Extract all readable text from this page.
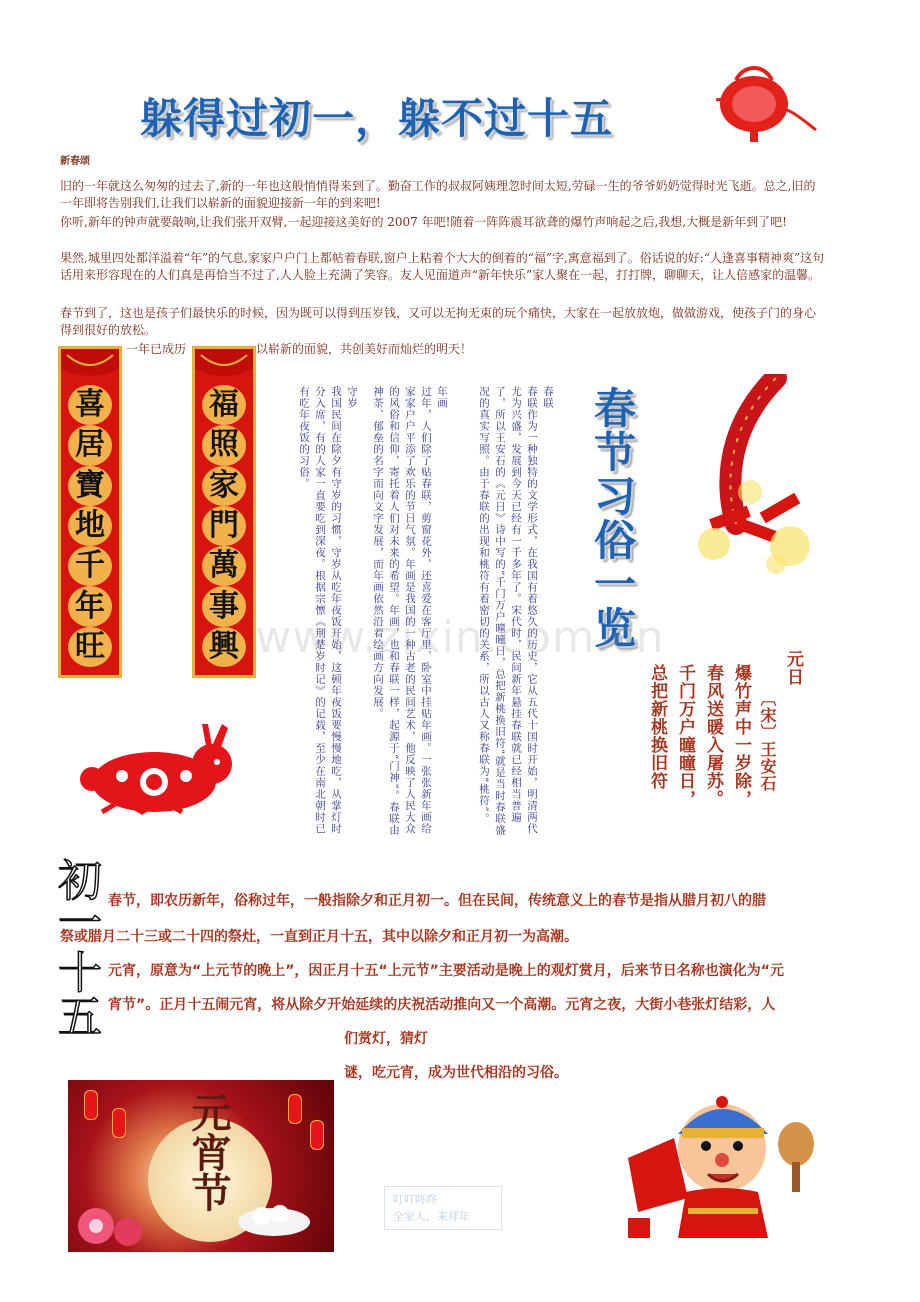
躲得过初一，躲不过十五
新春颂
旧的一年就这么匆匆的过去了,新的一年也这般悄悄得来到了。勤奋工作的叔叔阿姨理忽时间太短,劳碌一生的爷爷奶奶觉得时光飞逝。总之,旧的一年即将告别我们,让我们以崭新的面貌迎接新一年的到来吧!
你听,新年的钟声就要敲响,让我们张开双臂,一起迎接这美好的 2007 年吧!随着一阵阵震耳欲聋的爆竹声响起之后,我想,大概是新年到了吧!
果然,城里四处都洋溢着“年”的气息,家家户户门上都帖着春联,窗户上粘着个大大的倒着的“福”字,寓意福到了。俗话说的好:“人逢喜事精神爽”这句话用来形容现在的人们真是再恰当不过了,人人脸上充满了笑容。友人见面道声“新年快乐”家人聚在一起，打打牌，聊聊天，让人倍感家的温馨。
春节到了，这也是孩子们最快乐的时候，因为既可以得到压岁钱，又可以无拘无束的玩个痛快，大家在一起放放炮，做做游戏，使孩子门的身心得到很好的放松。
一年已成历	以崭新的面貌，共创美好而灿烂的明天！
喜
居
寶
地
千
年
旺
福
照
家
門
萬
事
興
春联
春联作为一种独特的文学形式，在我国有着悠久的历史，它从五代十国时开始，明清两代尤为兴盛，发展到今天已经有一千多年了。宋代时，民间新年悬挂春联就已经相当普遍了，所以王安石的《元日》诗中写的“千门万户曈曈日，总把新桃换旧符”就是当时春联盛况的真实写照。由于春联的出现和桃符有着密切的关系，所以古人又称春联为“桃符”。
年画
过年，人们除了贴春联，剪窗花外，还喜爱在客厅里、卧室中挂贴年画。一张张新年画给家家户户平添了欢乐的节日气氛。年画是我国的一种古老的民间艺术，他反映了人民大众的风俗和信仰，寄托着人们对未来的希望。年画，也和春联一样，起源于“门神”。春联由神荼、郁垒的名字而向文字发展，而年画依然沿着绘画方向发展。
守岁
我国民间在除夕有守岁的习惯，守岁从吃年夜饭开始，这顿年夜饭要慢慢地吃，从掌灯时分入席，有的人家一直要吃到深夜。根据宗懔《荆楚岁时记》的记载，至少在南北朝时已有吃年夜饭的习俗。	春节习俗一览
元日
〔宋〕王安石
爆竹声中一岁除，
春风送暖入屠苏。
千门万户曈曈日，
总把新桃换旧符
www.zixin.com.cn
初
一
十
五
春节，即农历新年，俗称过年，一般指除夕和正月初一。但在民间，传统意义上的春节是指从腊月初八的腊
祭或腊月二十三或二十四的祭灶，一直到正月十五，其中以除夕和正月初一为高潮。
元宵，原意为“上元节的晚上”，因正月十五“上元节”主要活动是晚上的观灯赏月，后来节日名称也演化为“元
宵节”。正月十五闹元宵，将从除夕开始延续的庆祝活动推向又一个高潮。元宵之夜，大街小巷张灯结彩，人
们赏灯，猜灯
谜，吃元宵，成为世代相沿的习俗。
元宵节	叮叮咚咚
全家人，来拜年
